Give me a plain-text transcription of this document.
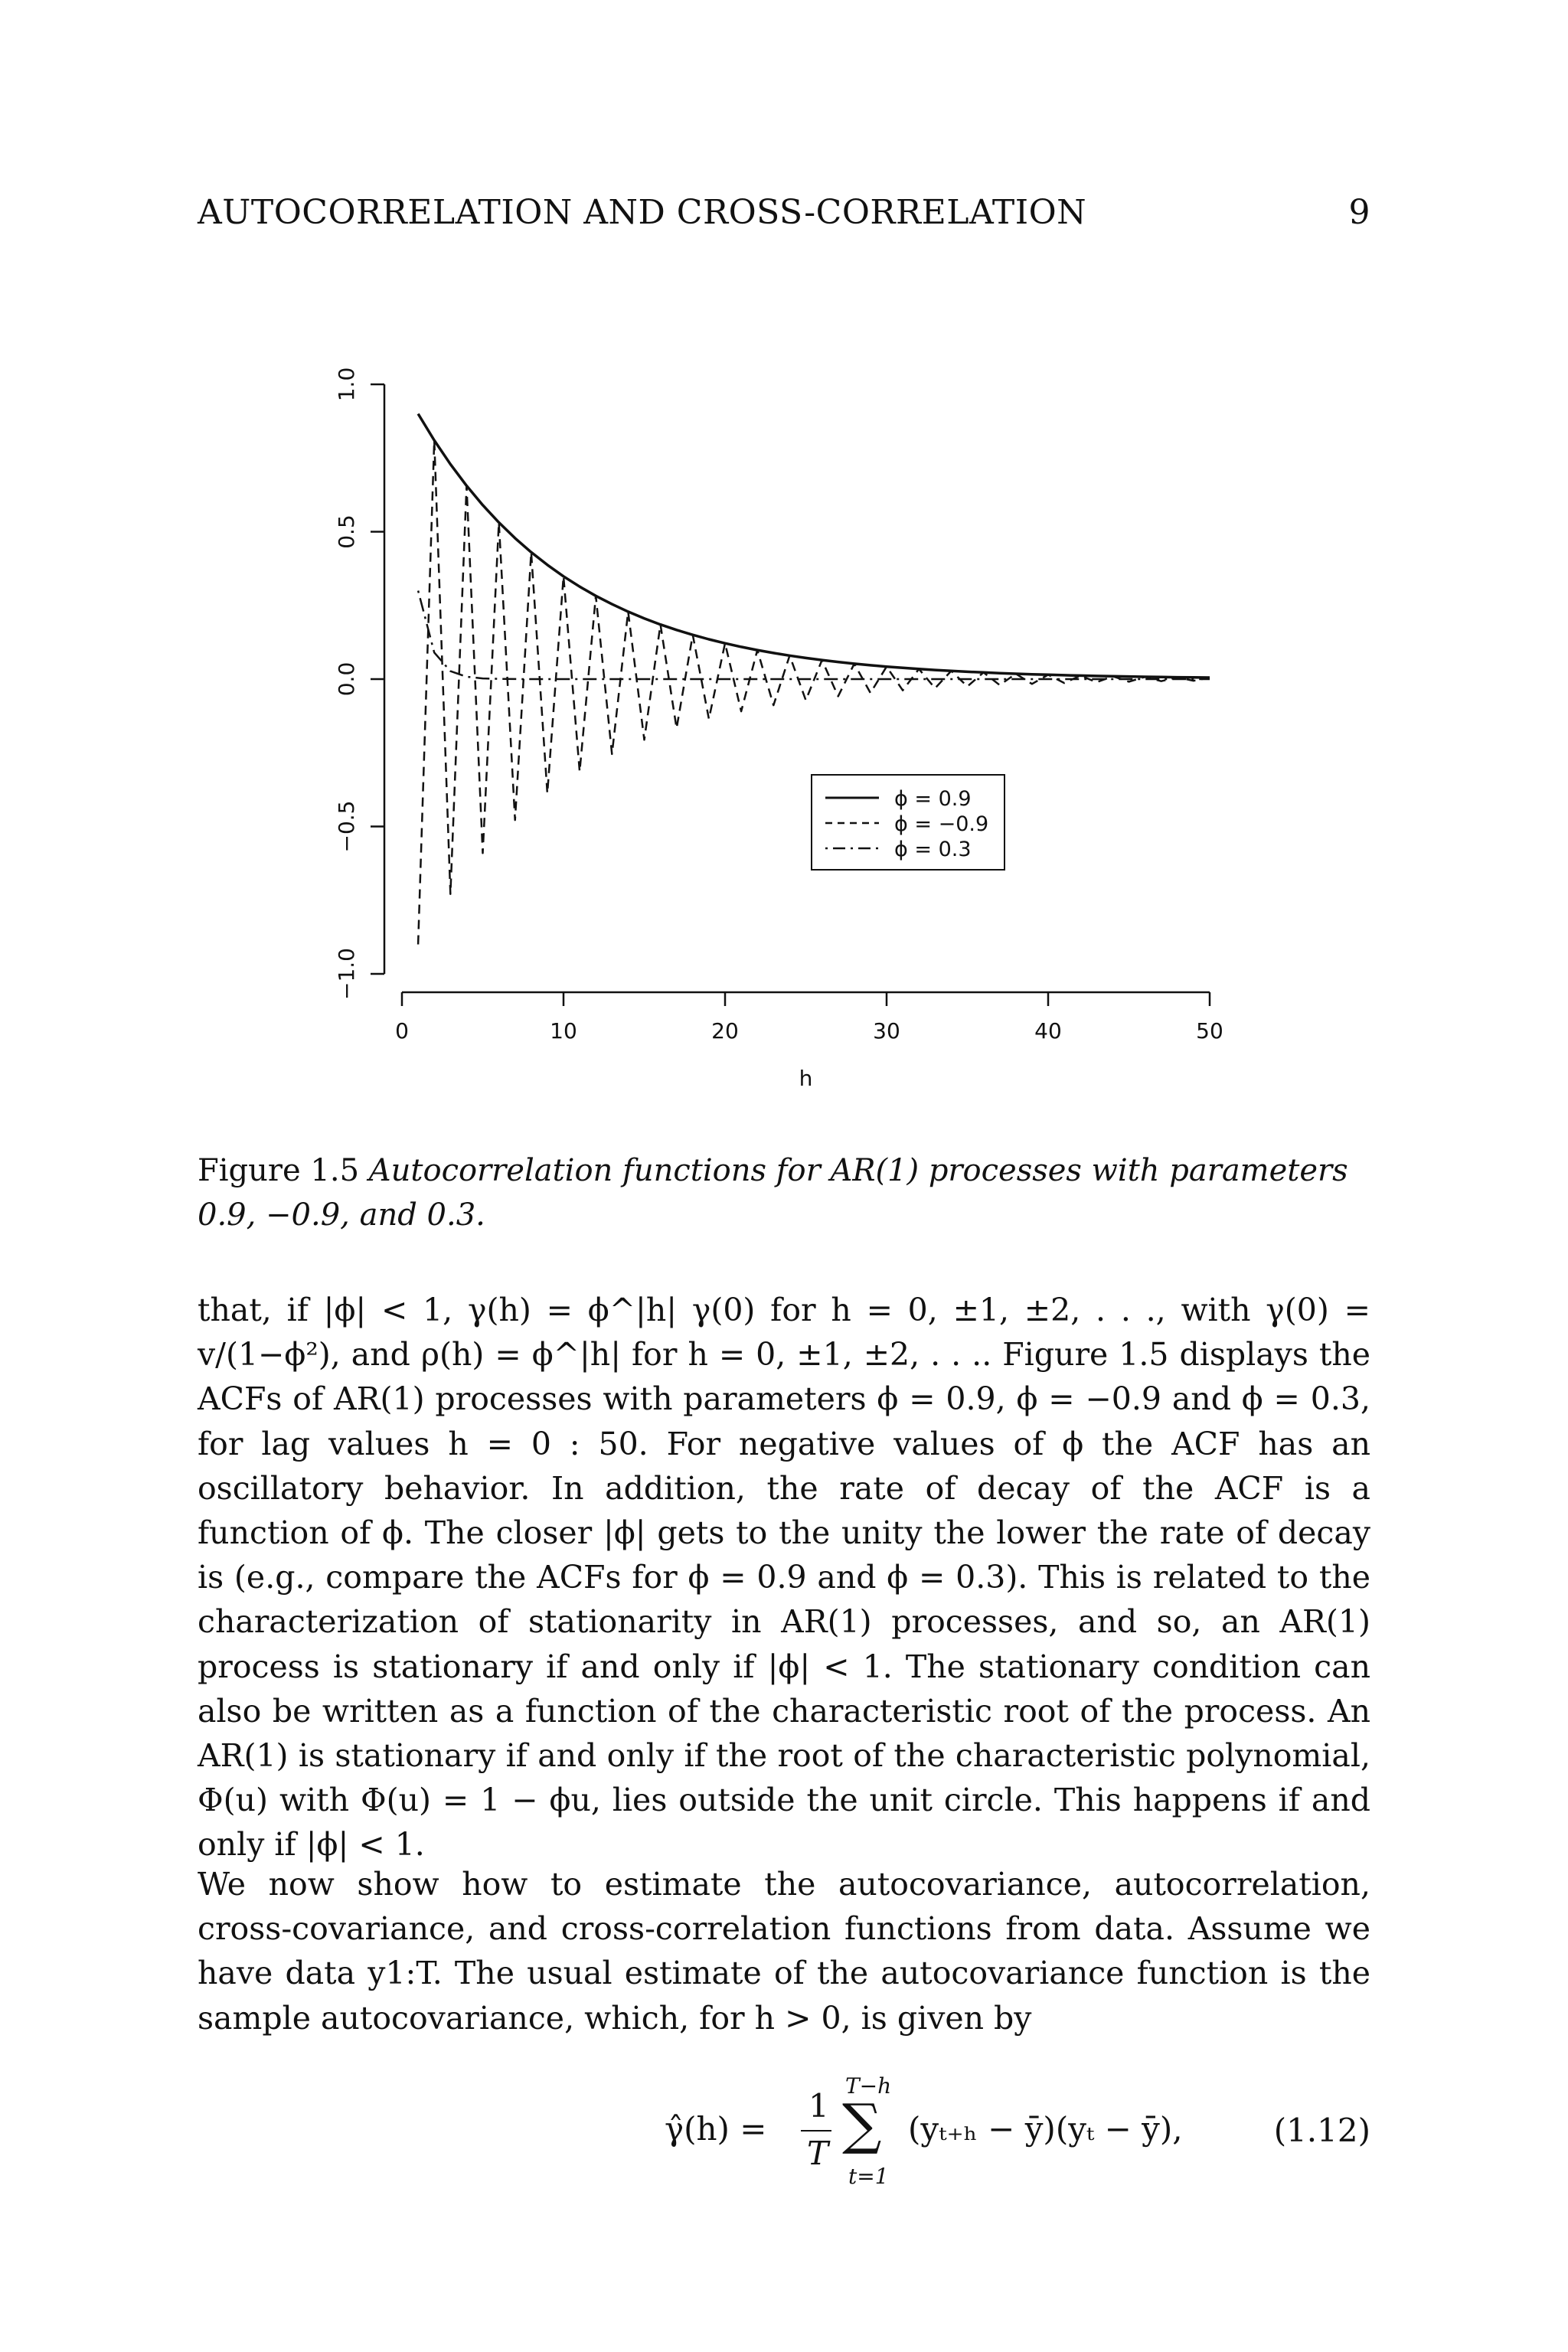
AUTOCORRELATION AND CROSS-CORRELATION	9
0	10	20	30	40	50
h
−1.0
−0.5
0.0
0.5
1.0
ϕ = 0.9
ϕ = −0.9
ϕ = 0.3
Figure 1.5 Autocorrelation functions for AR(1) processes with parameters 0.9, −0.9, and 0.3.
that, if |ϕ| < 1, γ(h) = ϕ^|h| γ(0) for h = 0, ±1, ±2, . . ., with γ(0) = v/(1−ϕ²), and ρ(h) = ϕ^|h| for h = 0, ±1, ±2, . . .. Figure 1.5 displays the ACFs of AR(1) processes with parameters ϕ = 0.9, ϕ = −0.9 and ϕ = 0.3, for lag values h = 0 : 50. For negative values of ϕ the ACF has an oscillatory behavior. In addition, the rate of decay of the ACF is a function of ϕ. The closer |ϕ| gets to the unity the lower the rate of decay is (e.g., compare the ACFs for ϕ = 0.9 and ϕ = 0.3). This is related to the characterization of stationarity in AR(1) processes, and so, an AR(1) process is stationary if and only if |ϕ| < 1. The stationary condition can also be written as a function of the characteristic root of the process. An AR(1) is stationary if and only if the root of the characteristic polynomial, Φ(u) with Φ(u) = 1 − ϕu, lies outside the unit circle. This happens if and only if |ϕ| < 1.
We now show how to estimate the autocovariance, autocorrelation, cross-covariance, and cross-correlation functions from data. Assume we have data y1:T. The usual estimate of the autocovariance function is the sample autocovariance, which, for h > 0, is given by
γ̂(h) =
1
T
T−h
∑
t=1
(yₜ₊ₕ − ȳ)(yₜ − ȳ),	(1.12)
